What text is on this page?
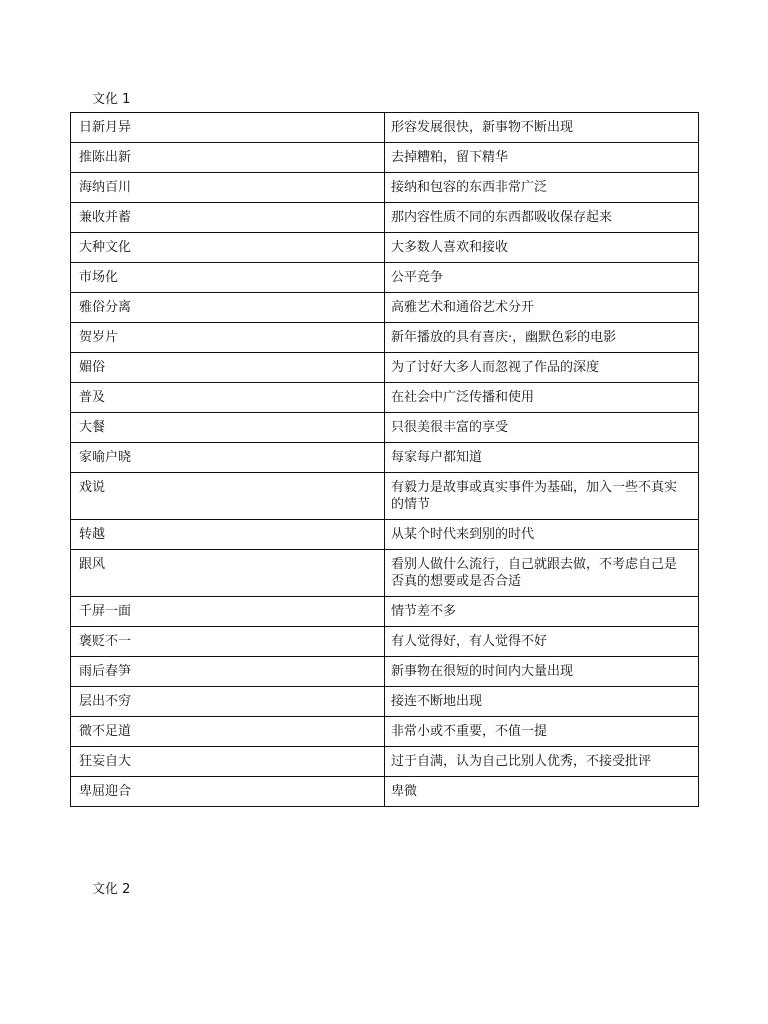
文化 1
日新月异	形容发展很快，新事物不断出现
推陈出新	去掉糟粕，留下精华
海纳百川	接纳和包容的东西非常广泛
兼收并蓄	那内容性质不同的东西都吸收保存起来
大种文化	大多数人喜欢和接收
市场化	公平竞争
雅俗分离	高雅艺术和通俗艺术分开
贺岁片	新年播放的具有喜庆·，幽默色彩的电影
媚俗	为了讨好大多人而忽视了作品的深度
普及	在社会中广泛传播和使用
大餐	只很美很丰富的享受
家喻户晓	每家每户都知道
戏说	有毅力是故事或真实事件为基础，加入一些不真实的情节
转越	从某个时代来到别的时代
跟风	看别人做什么流行，自己就跟去做，不考虑自己是否真的想要或是否合适
千屏一面	情节差不多
褒贬不一	有人觉得好，有人觉得不好
雨后春笋	新事物在很短的时间内大量出现
层出不穷	接连不断地出现
微不足道	非常小或不重要，不值一提
狂妄自大	过于自满，认为自己比别人优秀，不接受批评
卑屈迎合	卑微
文化 2
